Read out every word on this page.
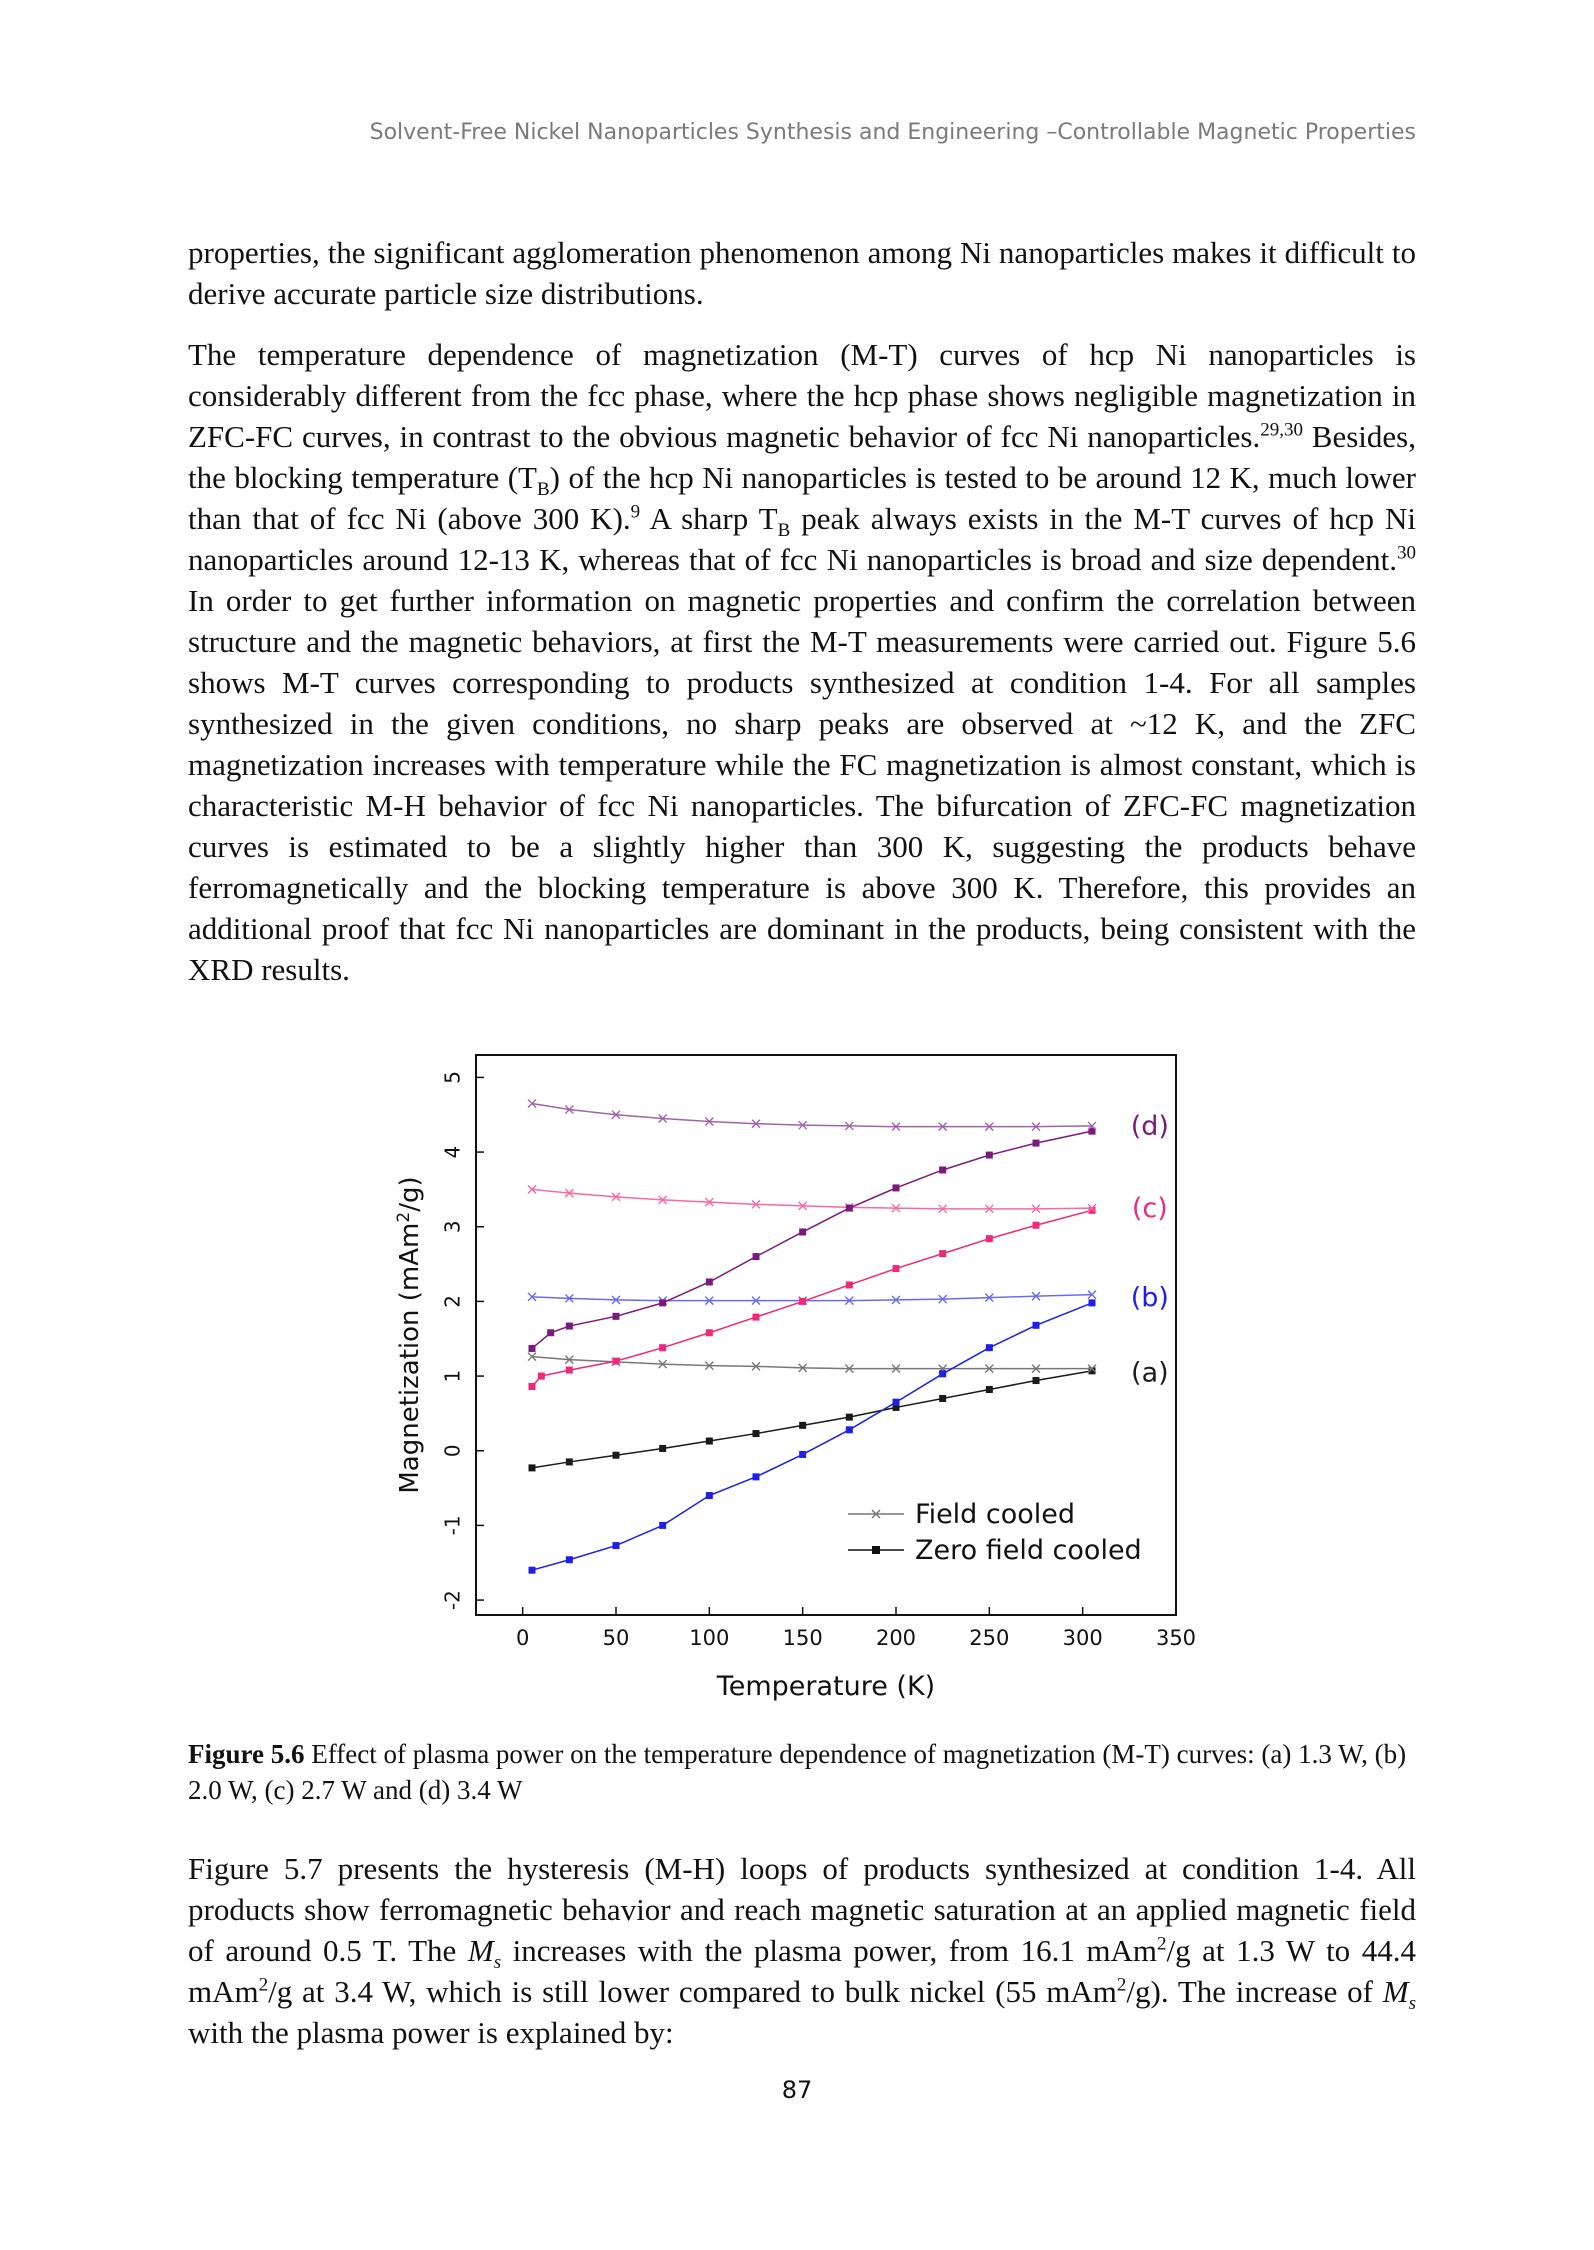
Solvent-Free Nickel Nanoparticles Synthesis and Engineering –Controllable Magnetic Properties

properties, the significant agglomeration phenomenon among Ni nanoparticles makes it difficult to derive accurate particle size distributions.

The temperature dependence of magnetization (M-T) curves of hcp Ni nanoparticles is considerably different from the fcc phase, where the hcp phase shows negligible magnetization in ZFC-FC curves, in contrast to the obvious magnetic behavior of fcc Ni nanoparticles.$^{29,30}$ Besides, the blocking temperature $(T_B)$ of the hcp Ni nanoparticles is tested to be around 12 K, much lower than that of fcc Ni (above 300 K).$^9$ A sharp $T_B$ peak always exists in the M-T curves of hcp Ni nanoparticles around 12-13 K, whereas that of fcc Ni nanoparticles is broad and size dependent.$^{30}$ In order to get further information on magnetic properties and confirm the correlation between structure and the magnetic behaviors, at first the M-T measurements were carried out. Figure 5.6 shows M-T curves corresponding to products synthesized at condition 1-4. For all samples synthesized in the given conditions, no sharp peaks are observed at ~12 K, and the ZFC magnetization increases with temperature while the FC magnetization is almost constant, which is characteristic M-H behavior of fcc Ni nanoparticles. The bifurcation of ZFC-FC magnetization curves is estimated to be a slightly higher than 300 K, suggesting the products behave ferromagnetically and the blocking temperature is above 300 K. Therefore, this provides an additional proof that fcc Ni nanoparticles are dominant in the products, being consistent with the XRD results.

0	50	100	150	200	250	300	350
-2
-1
0
1
2
3
4
5
(d)
(c)
(b)
(a)
Field cooled
Zero field cooled
Temperature (K)
Magnetization (mAm$^2$/g)

Figure 5.6 Effect of plasma power on the temperature dependence of magnetization (M-T) curves: (a) 1.3 W, (b) 2.0 W, (c) 2.7 W and (d) 3.4 W

Figure 5.7 presents the hysteresis (M-H) loops of products synthesized at condition 1-4. All products show ferromagnetic behavior and reach magnetic saturation at an applied magnetic field of around 0.5 T. The $M_s$ increases with the plasma power, from 16.1 mAm$^2$/g at 1.3 W to 44.4 mAm$^2$/g at 3.4 W, which is still lower compared to bulk nickel (55 mAm$^2$/g). The increase of $M_s$ with the plasma power is explained by:

87
